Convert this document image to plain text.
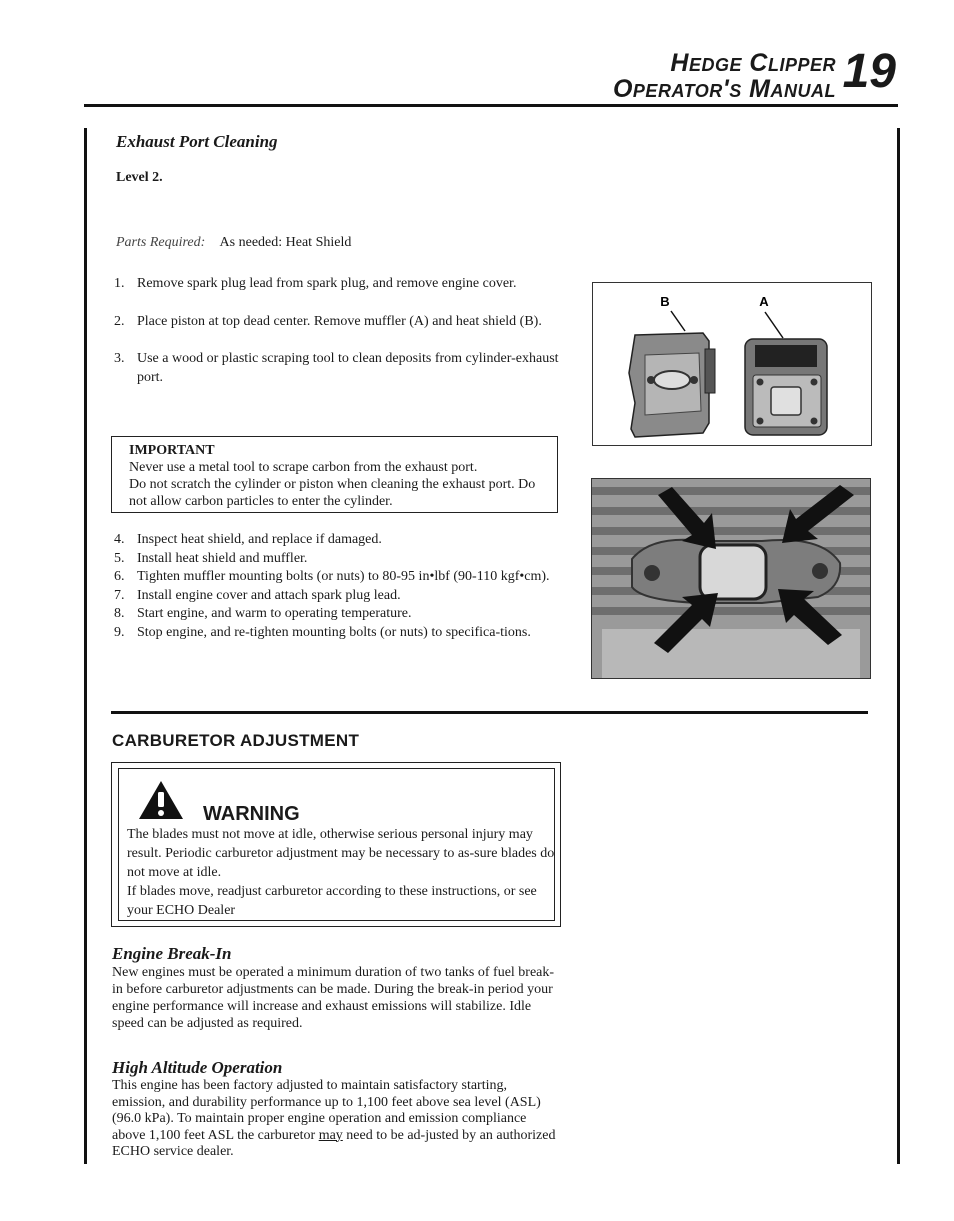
Hedge Clipper
Operator's Manual 19
Exhaust Port Cleaning
Level 2.
Parts Required: As needed: Heat Shield
1. Remove spark plug lead from spark plug, and remove engine cover.
2. Place piston at top dead center. Remove muffler (A) and heat shield (B).
3. Use a wood or plastic scraping tool to clean deposits from cylinder-exhaust port.
IMPORTANT
Never use a metal tool to scrape carbon from the exhaust port.
Do not scratch the cylinder or piston when cleaning the exhaust port. Do not allow carbon particles to enter the cylinder.
4. Inspect heat shield, and replace if damaged.
5. Install heat shield and muffler.
6. Tighten muffler mounting bolts (or nuts) to 80-95 in•lbf (90-110 kgf•cm).
7. Install engine cover and attach spark plug lead.
8. Start engine, and warm to operating temperature.
9. Stop engine, and re-tighten mounting bolts (or nuts) to specifica-tions.
B	A
CARBURETOR ADJUSTMENT
WARNING
The blades must not move at idle, otherwise serious personal injury may result. Periodic carburetor adjustment may be necessary to as-sure blades do not move at idle.
If blades move, readjust carburetor according to these instructions, or see your ECHO Dealer
Engine Break-In
New engines must be operated a minimum duration of two tanks of fuel break-in before carburetor adjustments can be made. During the break-in period your engine performance will increase and exhaust emissions will stabilize. Idle speed can be adjusted as required.
High Altitude Operation
This engine has been factory adjusted to maintain satisfactory starting, emission, and durability performance up to 1,100 feet above sea level (ASL) (96.0 kPa). To maintain proper engine operation and emission compliance above 1,100 feet ASL the carburetor may need to be ad-justed by an authorized ECHO service dealer.
